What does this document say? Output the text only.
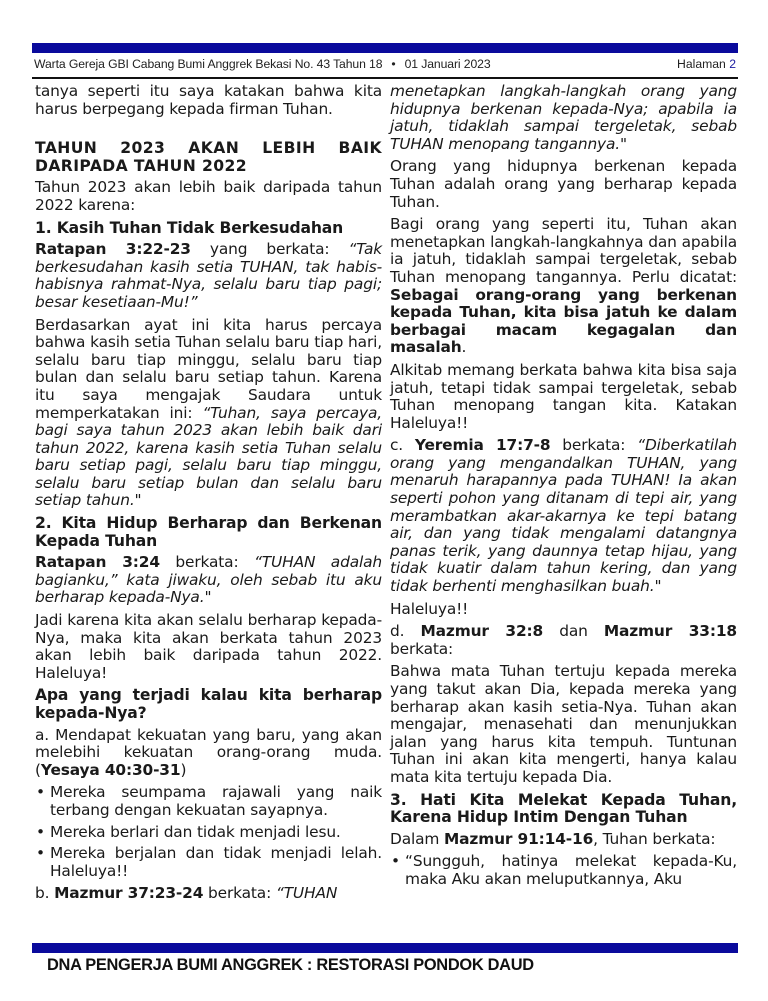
Warta Gereja GBI Cabang Bumi Anggrek Bekasi No. 43 Tahun 18 • 01 Januari 2023	Halaman 2

tanya seperti itu saya katakan bahwa kita harus berpegang kepada firman Tuhan.

TAHUN 2023 AKAN LEBIH BAIK DARIPADA TAHUN 2022

Tahun 2023 akan lebih baik daripada tahun 2022 karena:

1. Kasih Tuhan Tidak Berkesudahan

Ratapan 3:22-23 yang berkata: “Tak berkesudahan kasih setia TUHAN, tak habis-habisnya rahmat-Nya, selalu baru tiap pagi; besar kesetiaan-Mu!”

Berdasarkan ayat ini kita harus percaya bahwa kasih setia Tuhan selalu baru tiap hari, selalu baru tiap minggu, selalu baru tiap bulan dan selalu baru setiap tahun. Karena itu saya mengajak Saudara untuk memperkatakan ini: “Tuhan, saya percaya, bagi saya tahun 2023 akan lebih baik dari tahun 2022, karena kasih setia Tuhan selalu baru setiap pagi, selalu baru tiap minggu, selalu baru setiap bulan dan selalu baru setiap tahun."

2. Kita Hidup Berharap dan Berkenan Kepada Tuhan

Ratapan 3:24 berkata: “TUHAN adalah bagianku,” kata jiwaku, oleh sebab itu aku berharap kepada-Nya."

Jadi karena kita akan selalu berharap kepada-Nya, maka kita akan berkata tahun 2023 akan lebih baik daripada tahun 2022. Haleluya!

Apa yang terjadi kalau kita berharap kepada-Nya?

a. Mendapat kekuatan yang baru, yang akan melebihi kekuatan orang-orang muda. (Yesaya 40:30-31)

• Mereka seumpama rajawali yang naik terbang dengan kekuatan sayapnya.
• Mereka berlari dan tidak menjadi lesu.
• Mereka berjalan dan tidak menjadi lelah. Haleluya!!

b. Mazmur 37:23-24 berkata: “TUHAN

menetapkan langkah-langkah orang yang hidupnya berkenan kepada-Nya; apabila ia jatuh, tidaklah sampai tergeletak, sebab TUHAN menopang tangannya."

Orang yang hidupnya berkenan kepada Tuhan adalah orang yang berharap kepada Tuhan.

Bagi orang yang seperti itu, Tuhan akan menetapkan langkah-langkahnya dan apabila ia jatuh, tidaklah sampai tergeletak, sebab Tuhan menopang tangannya. Perlu dicatat: Sebagai orang-orang yang berkenan kepada Tuhan, kita bisa jatuh ke dalam berbagai macam kegagalan dan masalah.

Alkitab memang berkata bahwa kita bisa saja jatuh, tetapi tidak sampai tergeletak, sebab Tuhan menopang tangan kita. Katakan Haleluya!!

c. Yeremia 17:7-8 berkata: “Diberkatilah orang yang mengandalkan TUHAN, yang menaruh harapannya pada TUHAN! Ia akan seperti pohon yang ditanam di tepi air, yang merambatkan akar-akarnya ke tepi batang air, dan yang tidak mengalami datangnya panas terik, yang daunnya tetap hijau, yang tidak kuatir dalam tahun kering, dan yang tidak berhenti menghasilkan buah."

Haleluya!!

d. Mazmur 32:8 dan Mazmur 33:18 berkata:

Bahwa mata Tuhan tertuju kepada mereka yang takut akan Dia, kepada mereka yang berharap akan kasih setia-Nya. Tuhan akan mengajar, menasehati dan menunjukkan jalan yang harus kita tempuh. Tuntunan Tuhan ini akan kita mengerti, hanya kalau mata kita tertuju kepada Dia.

3. Hati Kita Melekat Kepada Tuhan, Karena Hidup Intim Dengan Tuhan

Dalam Mazmur 91:14-16, Tuhan berkata:

• “Sungguh, hatinya melekat kepada-Ku, maka Aku akan meluputkannya, Aku
DNA PENGERJA BUMI ANGGREK : RESTORASI PONDOK DAUD
